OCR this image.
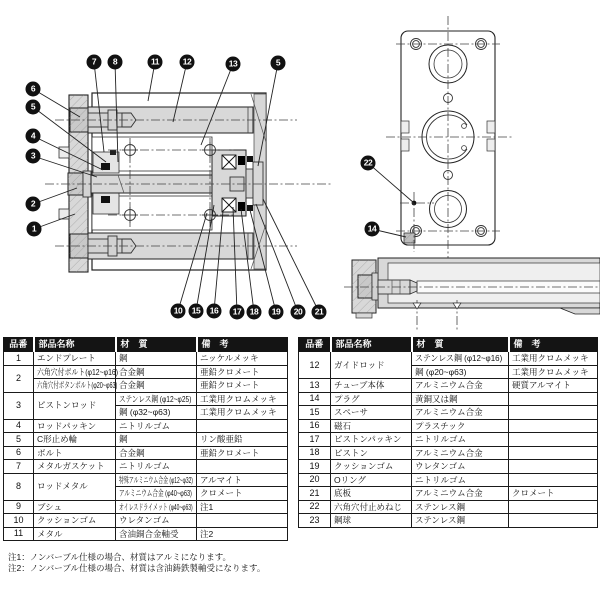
7	8	11	12	13	5
6
5
4
3
2
1
10	15	16	17	18	19	20	21
22
14
品番	部品名称	材　質	備　考
1	エンドプレート	鋼	ニッケルメッキ
2	六角穴付ボルト(φ12~φ16)	合金鋼	亜鉛クロメート
	六角穴付ボタンボルト(φ20~φ63)	合金鋼	亜鉛クロメート
3	ピストンロッド	ステンレス鋼 (φ12~φ25)	工業用クロムメッキ
		鋼 (φ32~φ63)	工業用クロムメッキ
4	ロッドパッキン	ニトリルゴム	
5	C形止め輪	鋼	リン酸亜鉛
6	ボルト	合金鋼	亜鉛クロメート
7	メタルガスケット	ニトリルゴム	
8	ロッドメタル	特殊アルミニウム合金 (φ12~φ32)	アルマイト
		アルミニウム合金 (φ40~φ63)	クロメート
9	ブシュ	オイレスドライメット (φ40~φ63)	注1
10	クッションゴム	ウレタンゴム	
11	メタル	含油銅合金軸受	注2
品番	部品名称	材　質	備　考
12	ガイドロッド	ステンレス鋼 (φ12~φ16)	工業用クロムメッキ
		鋼 (φ20~φ63)	工業用クロムメッキ
13	チューブ本体	アルミニウム合金	硬質アルマイト
14	プラグ	黄銅又は鋼	
15	スペーサ	アルミニウム合金	
16	磁石	プラスチック	
17	ピストンパッキン	ニトリルゴム	
18	ピストン	アルミニウム合金	
19	クッションゴム	ウレタンゴム	
20	Oリング	ニトリルゴム	
21	底板	アルミニウム合金	クロメート
22	六角穴付止めねじ	ステンレス鋼	
23	鋼球	ステンレス鋼	
注1：ノンバーブル仕様の場合、材質はアルミになります。
注2：ノンバーブル仕様の場合、材質は含油鋳鉄製軸受になります。
